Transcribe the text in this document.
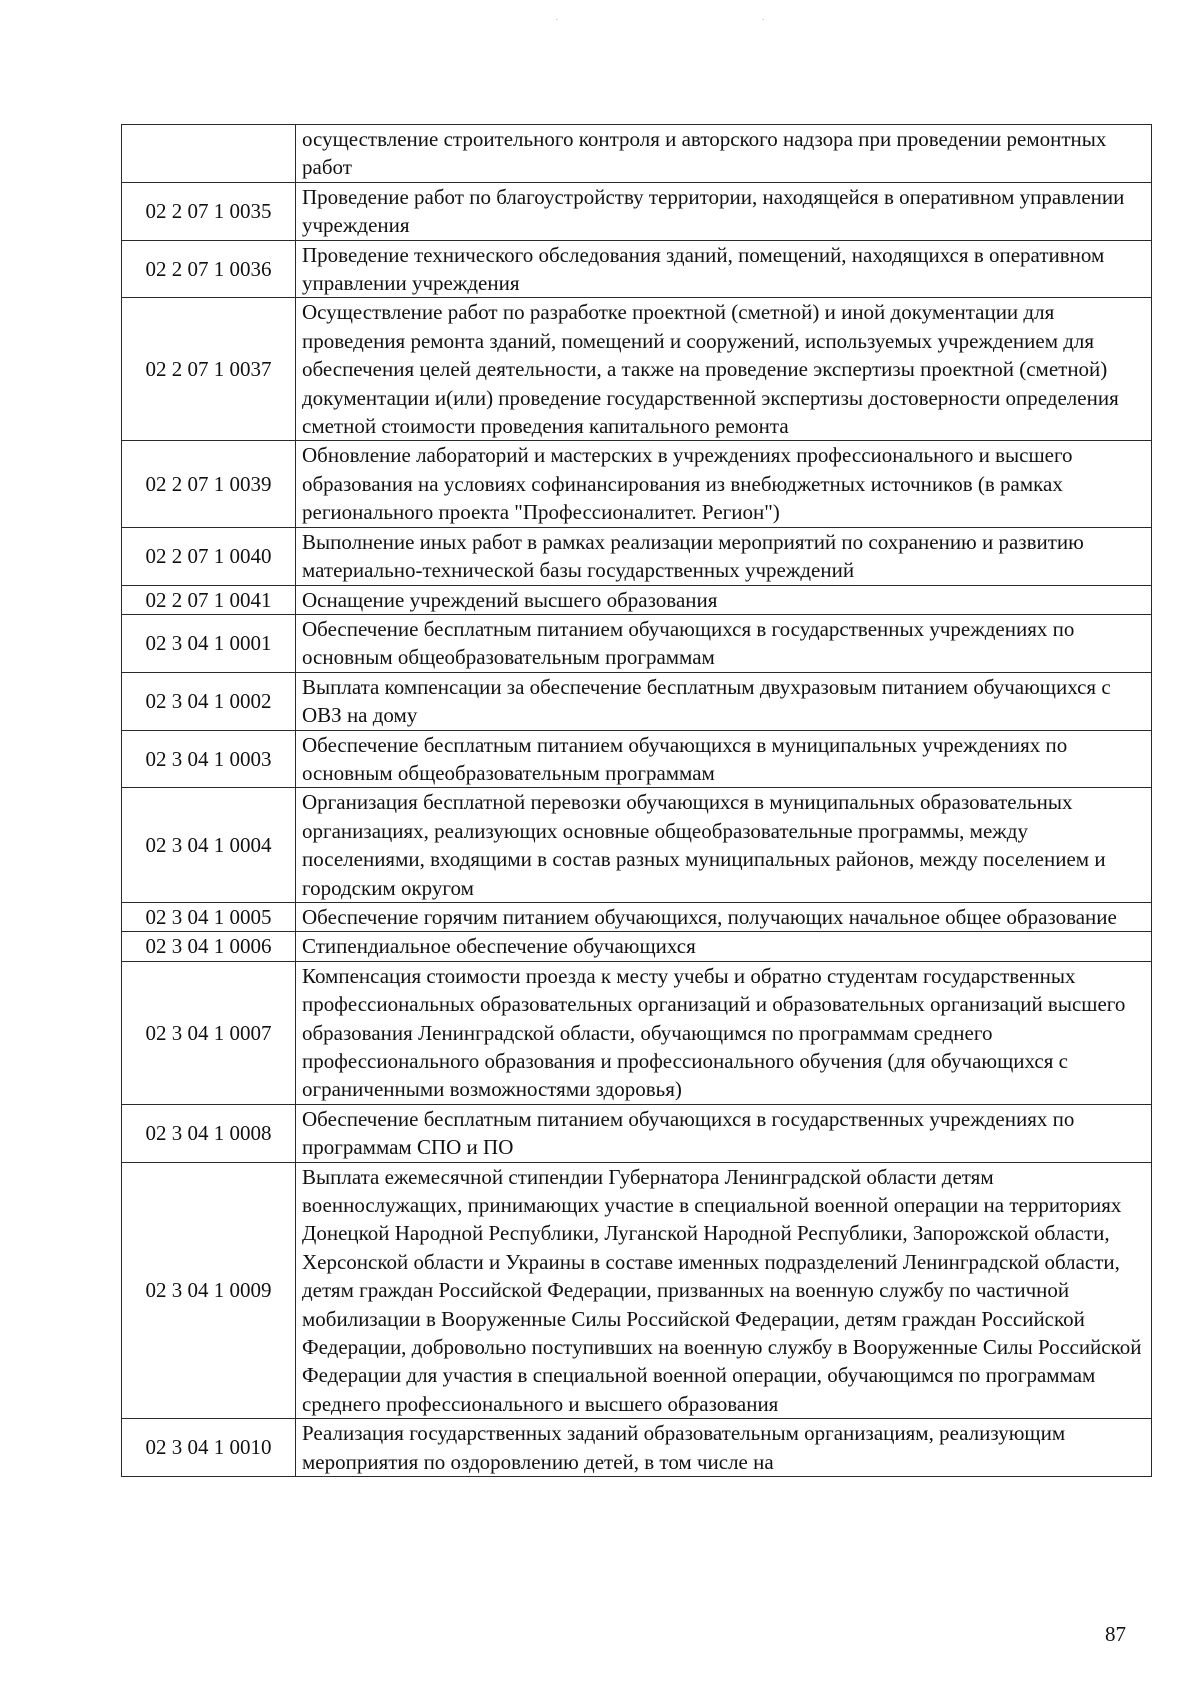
· ·
	осуществление строительного контроля и авторского надзора при проведении ремонтных работ
02 2 07 1 0035	Проведение работ по благоустройству территории, находящейся в оперативном управлении учреждения
02 2 07 1 0036	Проведение технического обследования зданий, помещений, находящихся в оперативном управлении учреждения
02 2 07 1 0037	Осуществление работ по разработке проектной (сметной) и иной документации для проведения ремонта зданий, помещений и сооружений, используемых учреждением для обеспечения целей деятельности, а также на проведение экспертизы проектной (сметной) документации и(или) проведение государственной экспертизы достоверности определения сметной стоимости проведения капитального ремонта
02 2 07 1 0039	Обновление лабораторий и мастерских в учреждениях профессионального и высшего образования на условиях софинансирования из внебюджетных источников (в рамках регионального проекта "Профессионалитет. Регион")
02 2 07 1 0040	Выполнение иных работ в рамках реализации мероприятий по сохранению и развитию материально-технической базы государственных учреждений
02 2 07 1 0041	Оснащение учреждений высшего образования
02 3 04 1 0001	Обеспечение бесплатным питанием обучающихся в государственных учреждениях по основным общеобразовательным программам
02 3 04 1 0002	Выплата компенсации за обеспечение бесплатным двухразовым питанием обучающихся с ОВЗ на дому
02 3 04 1 0003	Обеспечение бесплатным питанием обучающихся в муниципальных учреждениях по основным общеобразовательным программам
02 3 04 1 0004	Организация бесплатной перевозки обучающихся в муниципальных образовательных организациях, реализующих основные общеобразовательные программы, между поселениями, входящими в состав разных муниципальных районов, между поселением и городским округом
02 3 04 1 0005	Обеспечение горячим питанием обучающихся, получающих начальное общее образование
02 3 04 1 0006	Стипендиальное обеспечение обучающихся
02 3 04 1 0007	Компенсация стоимости проезда к месту учебы и обратно студентам государственных профессиональных образовательных организаций и образовательных организаций высшего образования Ленинградской области, обучающимся по программам среднего профессионального образования и профессионального обучения (для обучающихся с ограниченными возможностями здоровья)
02 3 04 1 0008	Обеспечение бесплатным питанием обучающихся в государственных учреждениях по программам СПО и ПО
02 3 04 1 0009	Выплата ежемесячной стипендии Губернатора Ленинградской области детям военнослужащих, принимающих участие в специальной военной операции на территориях Донецкой Народной Республики, Луганской Народной Республики, Запорожской области, Херсонской области и Украины в составе именных подразделений Ленинградской области, детям граждан Российской Федерации, призванных на военную службу по частичной мобилизации в Вооруженные Силы Российской Федерации, детям граждан Российской Федерации, добровольно поступивших на военную службу в Вооруженные Силы Российской Федерации для участия в специальной военной операции, обучающимся по программам среднего профессионального и высшего образования
02 3 04 1 0010	Реализация государственных заданий образовательным организациям, реализующим мероприятия по оздоровлению детей, в том числе на
87
